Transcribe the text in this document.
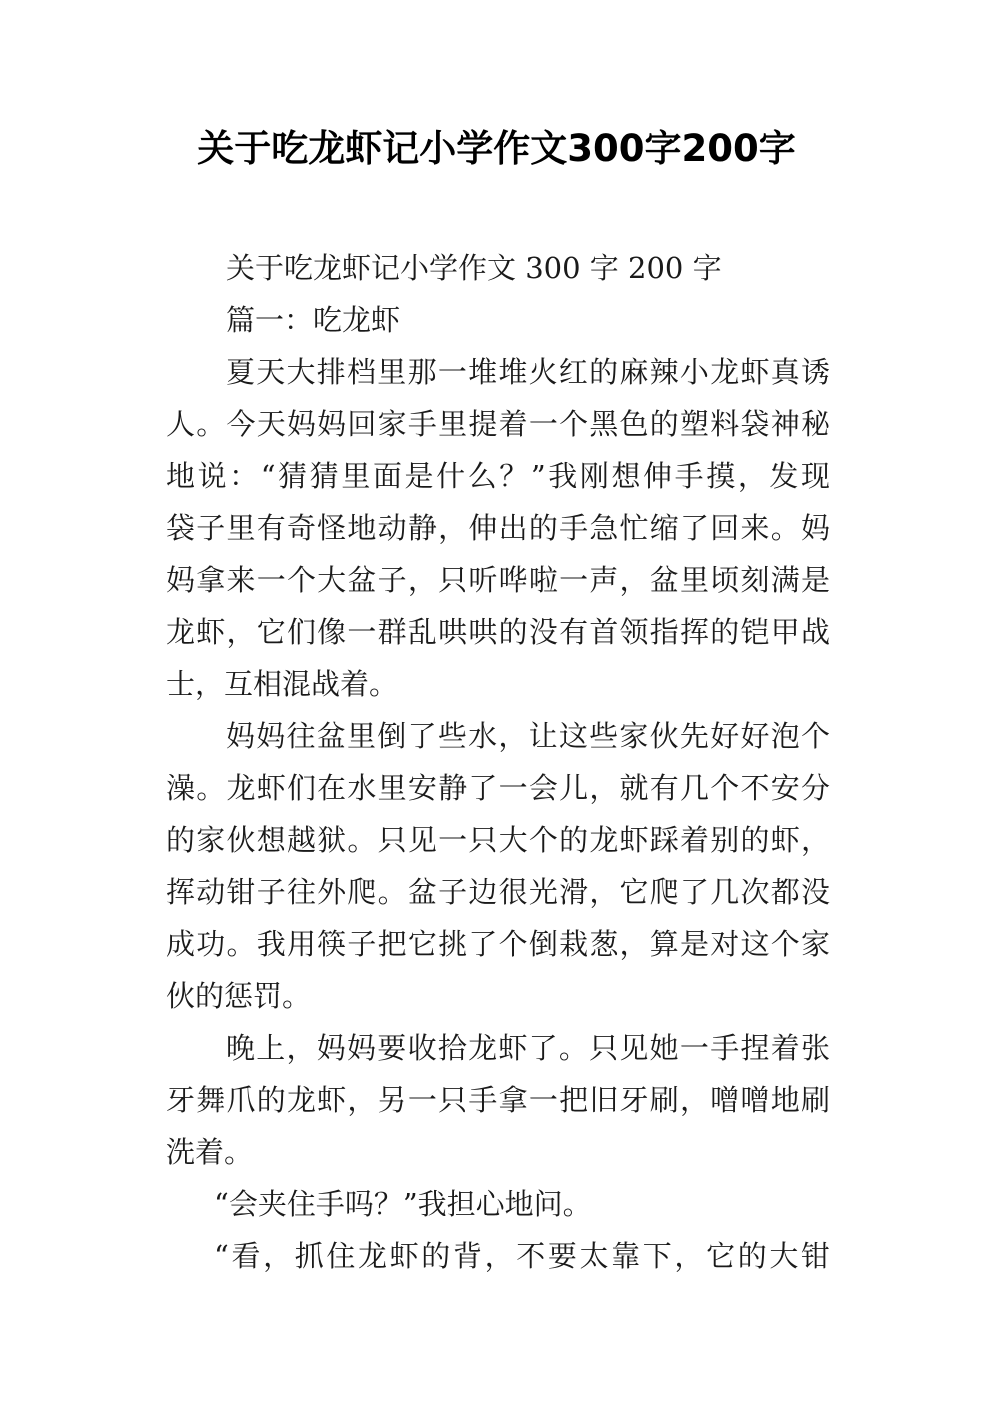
关于吃龙虾记小学作文300字200字
关于吃龙虾记小学作文 300 字 200 字
篇一：吃龙虾
夏天大排档里那一堆堆火红的麻辣小龙虾真诱
人。今天妈妈回家手里提着一个黑色的塑料袋神秘
地说：“猜猜里面是什么？”我刚想伸手摸，发现
袋子里有奇怪地动静，伸出的手急忙缩了回来。妈
妈拿来一个大盆子，只听哗啦一声，盆里顷刻满是
龙虾，它们像一群乱哄哄的没有首领指挥的铠甲战
士，互相混战着。
妈妈往盆里倒了些水，让这些家伙先好好泡个
澡。龙虾们在水里安静了一会儿，就有几个不安分
的家伙想越狱。只见一只大个的龙虾踩着别的虾，
挥动钳子往外爬。盆子边很光滑，它爬了几次都没
成功。我用筷子把它挑了个倒栽葱，算是对这个家
伙的惩罚。
晚上，妈妈要收拾龙虾了。只见她一手捏着张
牙舞爪的龙虾，另一只手拿一把旧牙刷，噌噌地刷
洗着。
“会夹住手吗？”我担心地问。
“看，抓住龙虾的背，不要太靠下，它的大钳
